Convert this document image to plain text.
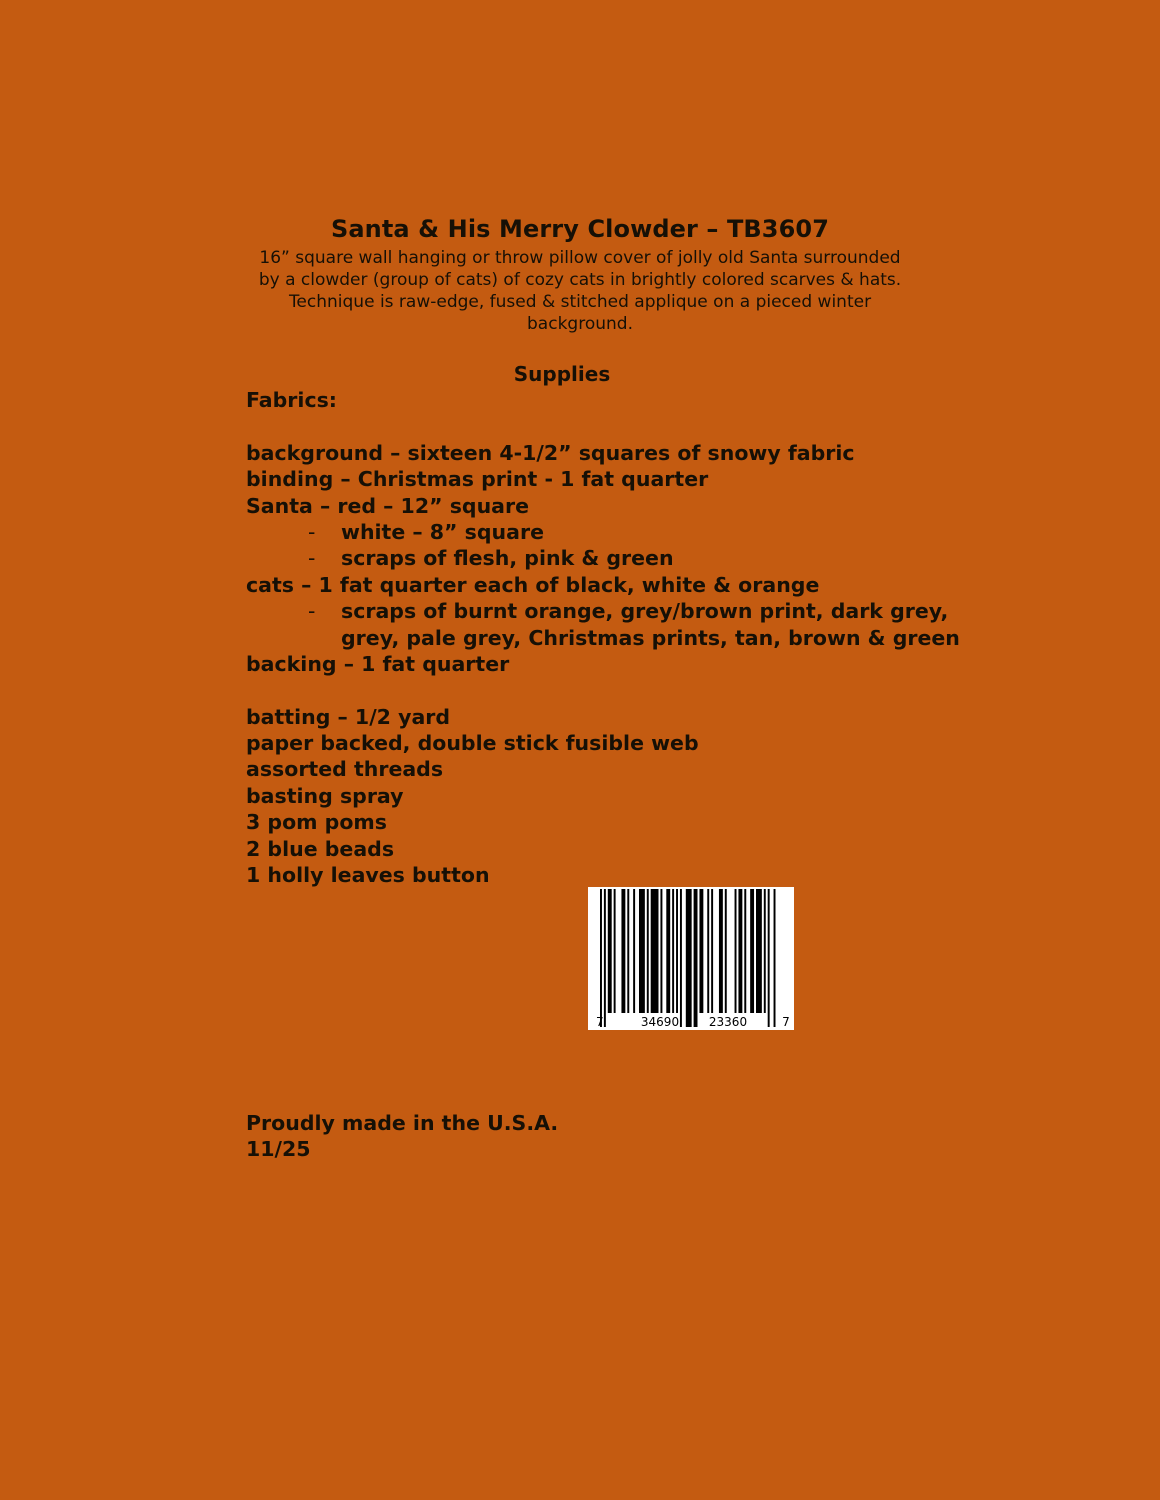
Santa & His Merry Clowder – TB3607
16” square wall hanging or throw pillow cover of jolly old Santa surrounded
by a clowder (group of cats) of cozy cats in brightly colored scarves & hats.
Technique is raw-edge, fused & stitched applique on a pieced winter
background.
Supplies
Fabrics:
background – sixteen 4-1/2” squares of snowy fabric
binding – Christmas print - 1 fat quarter
Santa – red – 12” square
- white – 8” square
- scraps of flesh, pink & green
cats – 1 fat quarter each of black, white & orange
- scraps of burnt orange, grey/brown print, dark grey,
grey, pale grey, Christmas prints, tan, brown & green
backing – 1 fat quarter
batting – 1/2 yard
paper backed, double stick fusible web
assorted threads
basting spray
3 pom poms
2 blue beads
1 holly leaves button
7	34690 23360	7
Proudly made in the U.S.A.
11/25
